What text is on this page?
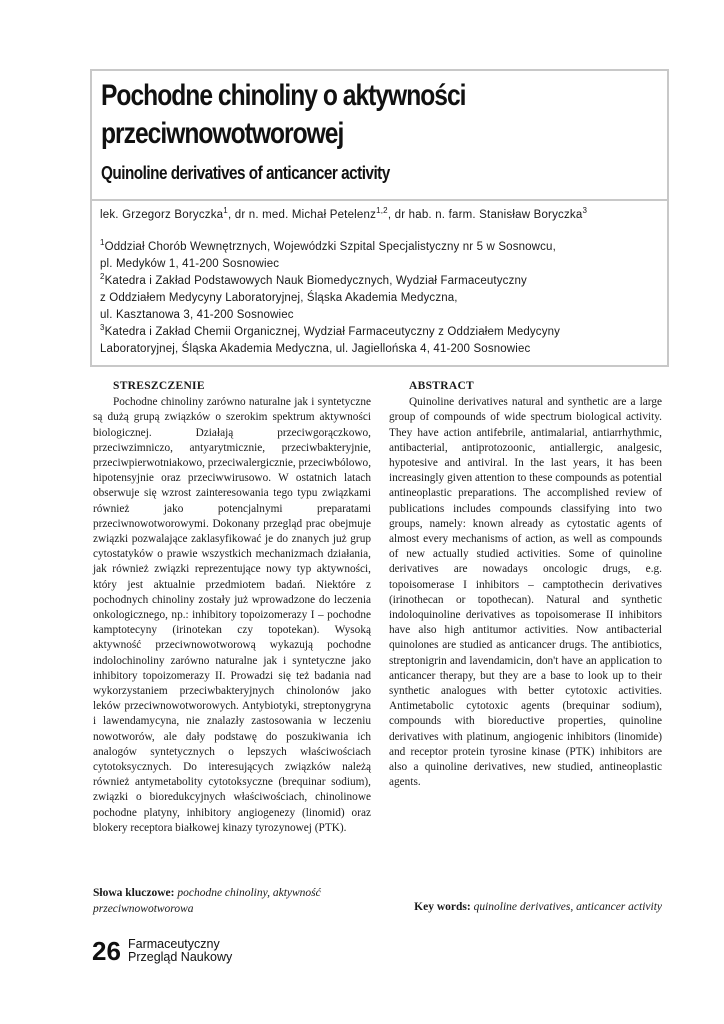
Pochodne chinoliny o aktywności
przeciwnowotworowej
Quinoline derivatives of anticancer activity
lek. Grzegorz Boryczka$^1$, dr n. med. Michał Petelenz$^{1,2}$, dr hab. n. farm. Stanisław Boryczka$^3$
$^1$Oddział Chorób Wewnętrznych, Wojewódzki Szpital Specjalistyczny nr 5 w Sosnowcu,
pl. Medyków 1, 41-200 Sosnowiec
$^2$Katedra i Zakład Podstawowych Nauk Biomedycznych, Wydział Farmaceutyczny
z Oddziałem Medycyny Laboratoryjnej, Śląska Akademia Medyczna,
ul. Kasztanowa 3, 41-200 Sosnowiec
$^3$Katedra i Zakład Chemii Organicznej, Wydział Farmaceutyczny z Oddziałem Medycyny
Laboratoryjnej, Śląska Akademia Medyczna, ul. Jagiellońska 4, 41-200 Sosnowiec
STRESZCZENIE

Pochodne chinoliny zarówno naturalne jak i syntetyczne są dużą grupą związków o szerokim spektrum aktywności biologicznej. Działają przeciwgorączkowo, przeciwzimniczo, antyarytmicznie, przeciwbakteryjnie, przeciwpierwotniakowo, przeciwalergicznie, przeciwbólowo, hipotensyjnie oraz przeciwwirusowo. W ostatnich latach obserwuje się wzrost zainteresowania tego typu związkami również jako potencjalnymi preparatami przeciwnowotworowymi. Dokonany przegląd prac obejmuje związki pozwalające zaklasyfikować je do znanych już grup cytostatyków o prawie wszystkich mechanizmach działania, jak również związki reprezentujące nowy typ aktywności, który jest aktualnie przedmiotem badań. Niektóre z pochodnych chinoliny zostały już wprowadzone do leczenia onkologicznego, np.: inhibitory topoizomerazy I – pochodne kamptotecyny (irinotekan czy topotekan). Wysoką aktywność przeciwnowotworową wykazują pochodne indolochinoliny zarówno naturalne jak i syntetyczne jako inhibitory topoizomerazy II. Prowadzi się też badania nad wykorzystaniem przeciwbakteryjnych chinolonów jako leków przeciwnowotworowych. Antybiotyki, streptonygryna i lawendamycyna, nie znalazły zastosowania w leczeniu nowotworów, ale dały podstawę do poszukiwania ich analogów syntetycznych o lepszych właściwościach cytotoksycznych. Do interesujących związków należą również antymetabolity cytotoksyczne (brequinar sodium), związki o bioredukcyjnych właściwościach, chinolinowe pochodne platyny, inhibitory angiogenezy (linomid) oraz blokery receptora białkowej kinazy tyrozynowej (PTK).

ABSTRACT

Quinoline derivatives natural and synthetic are a large group of compounds of wide spectrum biological activity. They have action antifebrile, antimalarial, antiarrhythmic, antibacterial, antiprotozoonic, antiallergic, analgesic, hypotesive and antiviral. In the last years, it has been increasingly given attention to these compounds as potential antineoplastic preparations. The accomplished review of publications includes compounds classifying into two groups, namely: known already as cytostatic agents of almost every mechanisms of action, as well as compounds of new actually studied activities. Some of quinoline derivatives are nowadays oncologic drugs, e.g. topoisomerase I inhibitors – camptothecin derivatives (irinothecan or topothecan). Natural and synthetic indoloquinoline derivatives as topoisomerase II inhibitors have also high antitumor activities. Now antibacterial quinolones are studied as anticancer drugs. The antibiotics, streptonigrin and lavendamicin, don't have an application to anticancer therapy, but they are a base to look up to their synthetic analogues with better cytotoxic activities. Antimetabolic cytotoxic agents (brequinar sodium), compounds with bioreductive properties, quinoline derivatives with platinum, angiogenic inhibitors (linomide) and receptor protein tyrosine kinase (PTK) inhibitors are also a quinoline derivatives, new studied, antineoplastic agents.

Słowa kluczowe: pochodne chinoliny, aktywność przeciwnowotworowa	Key words: quinoline derivatives, anticancer activity
26 Farmaceutyczny
Przegląd Naukowy
